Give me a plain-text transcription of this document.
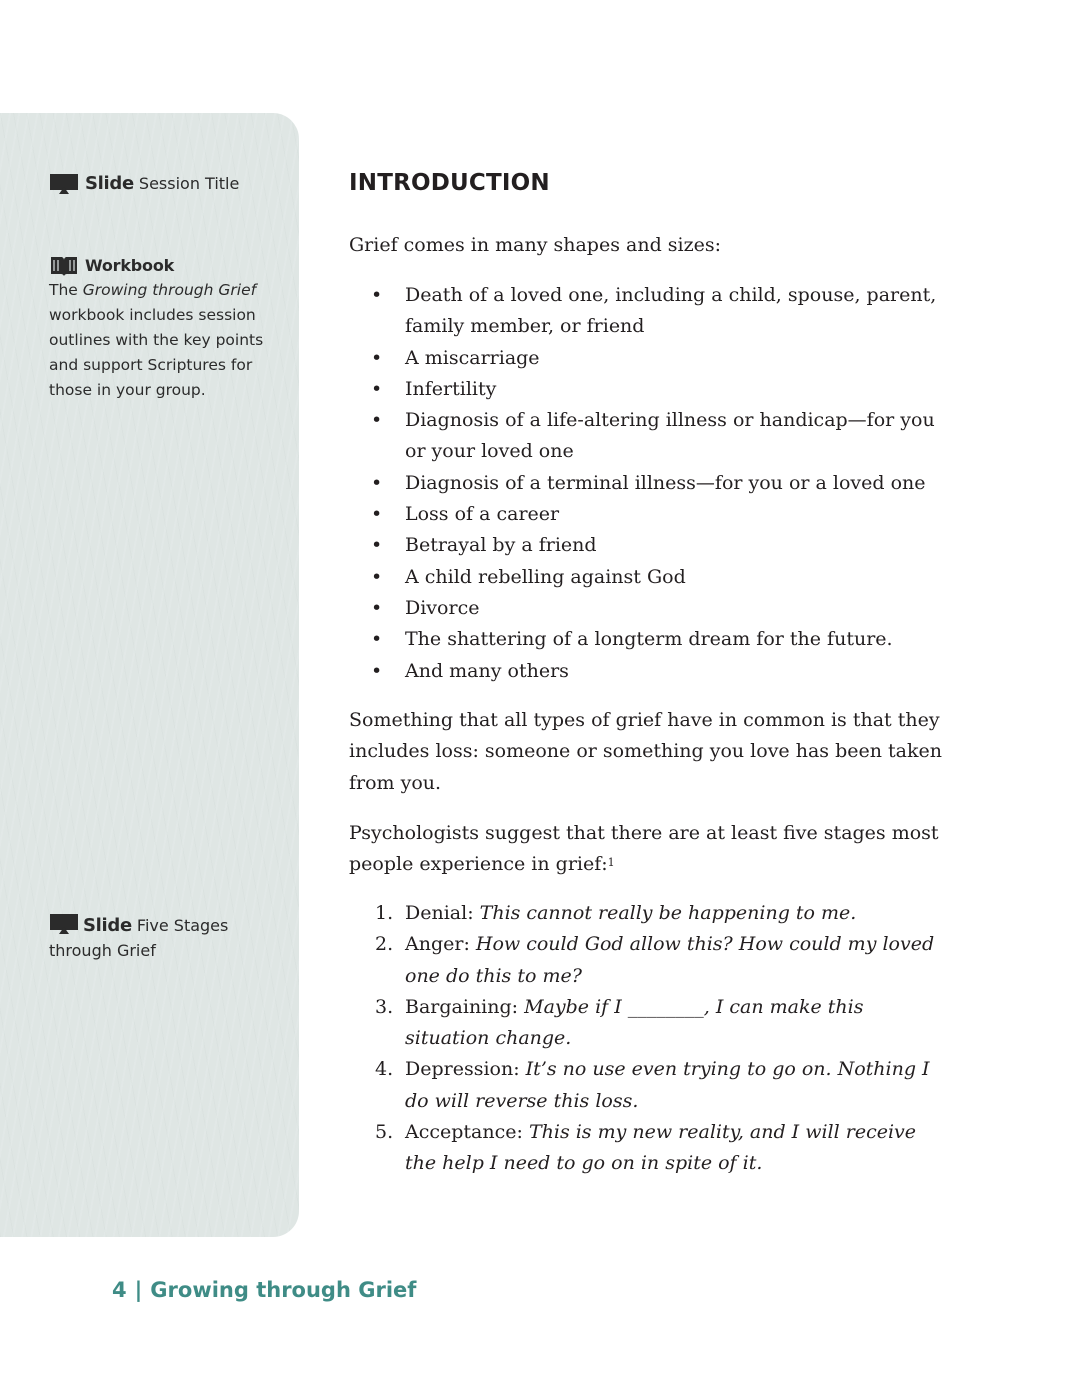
Slide Session Title
Workbook
The Growing through Grief workbook includes session outlines with the key points and support Scriptures for those in your group.
Slide Five Stages through Grief
INTRODUCTION

Grief comes in many shapes and sizes:

• Death of a loved one, including a child, spouse, parent, family member, or friend
• A miscarriage
• Infertility
• Diagnosis of a life-altering illness or handicap—for you or your loved one
• Diagnosis of a terminal illness—for you or a loved one
• Loss of a career
• Betrayal by a friend
• A child rebelling against God
• Divorce
• The shattering of a longterm dream for the future.
• And many others

Something that all types of grief have in common is that they includes loss: someone or something you love has been taken from you.

Psychologists suggest that there are at least five stages most people experience in grief:$^1$

1. Denial: This cannot really be happening to me.
2. Anger: How could God allow this? How could my loved one do this to me?
3. Bargaining: Maybe if I ________, I can make this situation change.
4. Depression: It’s no use even trying to go on. Nothing I do will reverse this loss.
5. Acceptance: This is my new reality, and I will receive the help I need to go on in spite of it.
4 | Growing through Grief
